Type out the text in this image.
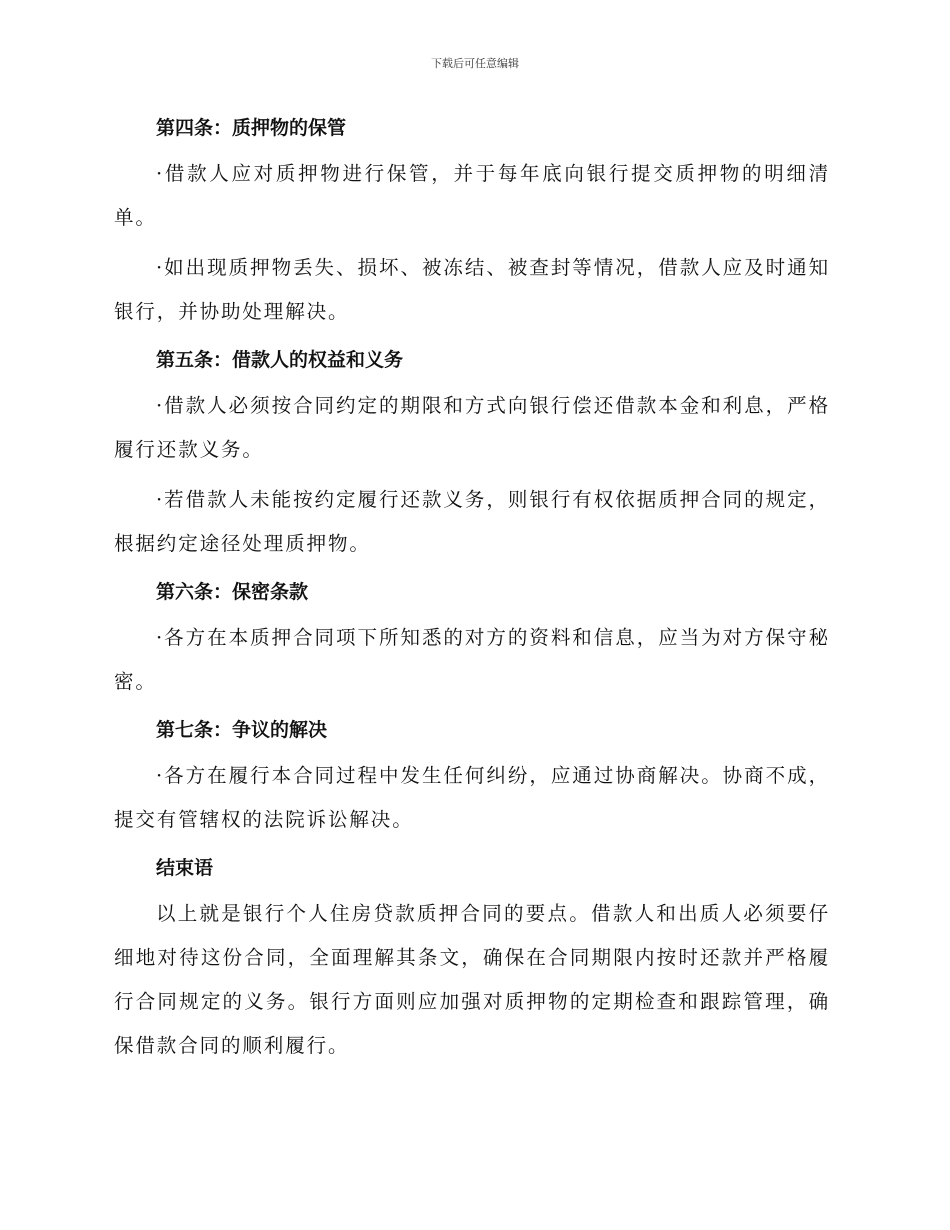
下载后可任意编辑

第四条：质押物的保管

·借款人应对质押物进行保管，并于每年底向银行提交质押物的明细清单。

·如出现质押物丢失、损坏、被冻结、被查封等情况，借款人应及时通知银行，并协助处理解决。

第五条：借款人的权益和义务

·借款人必须按合同约定的期限和方式向银行偿还借款本金和利息，严格履行还款义务。

·若借款人未能按约定履行还款义务，则银行有权依据质押合同的规定，根据约定途径处理质押物。

第六条：保密条款

·各方在本质押合同项下所知悉的对方的资料和信息，应当为对方保守秘密。

第七条：争议的解决

·各方在履行本合同过程中发生任何纠纷，应通过协商解决。协商不成，提交有管辖权的法院诉讼解决。

结束语

以上就是银行个人住房贷款质押合同的要点。借款人和出质人必须要仔细地对待这份合同，全面理解其条文，确保在合同期限内按时还款并严格履行合同规定的义务。银行方面则应加强对质押物的定期检查和跟踪管理，确保借款合同的顺利履行。
